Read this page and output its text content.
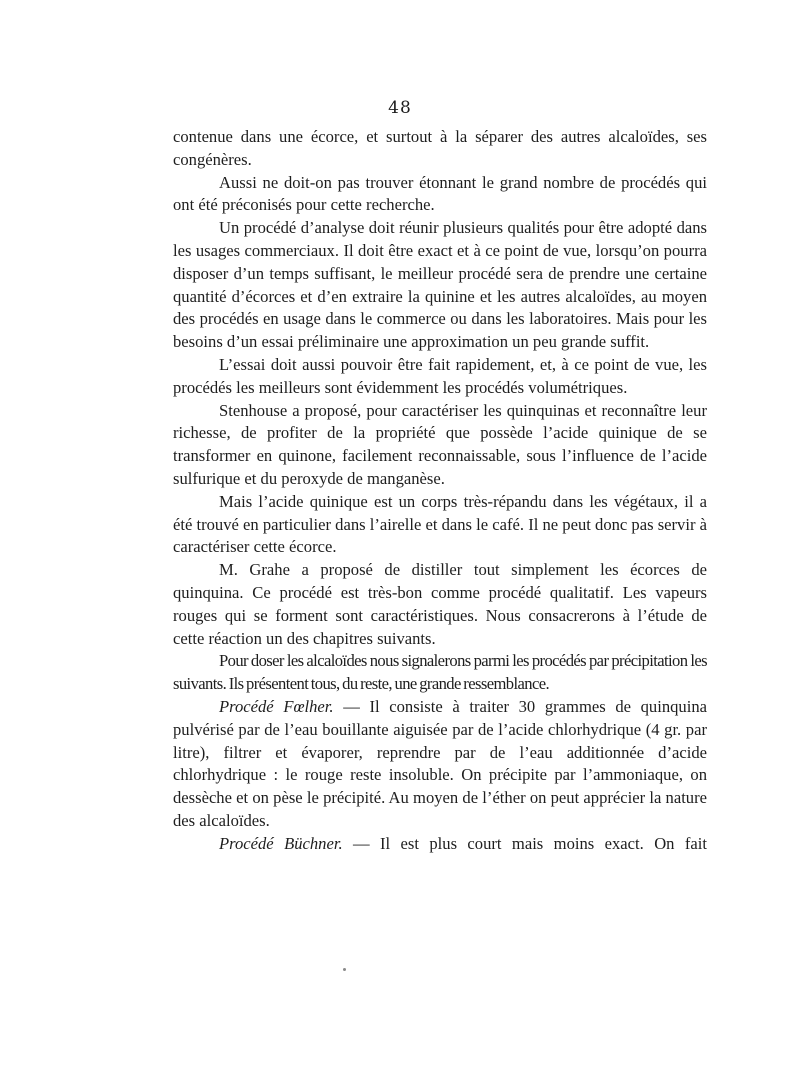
48

contenue dans une écorce, et surtout à la séparer des autres alcaloïdes, ses congénères.

Aussi ne doit-on pas trouver étonnant le grand nombre de procédés qui ont été préconisés pour cette recherche.

Un procédé d’analyse doit réunir plusieurs qualités pour être adopté dans les usages commerciaux. Il doit être exact et à ce point de vue, lorsqu’on pourra disposer d’un temps suffisant, le meilleur procédé sera de prendre une certaine quantité d’écorces et d’en extraire la quinine et les autres alcaloïdes, au moyen des procédés en usage dans le commerce ou dans les laboratoires. Mais pour les besoins d’un essai préliminaire une approximation un peu grande suffit.

L’essai doit aussi pouvoir être fait rapidement, et, à ce point de vue, les procédés les meilleurs sont évidemment les procédés volumétriques.

Stenhouse a proposé, pour caractériser les quinquinas et reconnaître leur richesse, de profiter de la propriété que possède l’acide quinique de se transformer en quinone, facilement reconnaissable, sous l’influence de l’acide sulfurique et du peroxyde de manganèse.

Mais l’acide quinique est un corps très-répandu dans les végétaux, il a été trouvé en particulier dans l’airelle et dans le café. Il ne peut donc pas servir à caractériser cette écorce.

M. Grahe a proposé de distiller tout simplement les écorces de quinquina. Ce procédé est très-bon comme procédé qualitatif. Les vapeurs rouges qui se forment sont caractéristiques. Nous consacrerons à l’étude de cette réaction un des chapitres suivants.

Pour doser les alcaloïdes nous signalerons parmi les procédés par précipitation les suivants. Ils présentent tous, du reste, une grande ressemblance.

Procédé Fœlher. — Il consiste à traiter 30 grammes de quinquina pulvérisé par de l’eau bouillante aiguisée par de l’acide chlorhydrique (4 gr. par litre), filtrer et évaporer, reprendre par de l’eau additionnée d’acide chlorhydrique : le rouge reste insoluble. On précipite par l’ammoniaque, on dessèche et on pèse le précipité. Au moyen de l’éther on peut apprécier la nature des alcaloïdes.

Procédé Büchner. — Il est plus court mais moins exact. On fait
